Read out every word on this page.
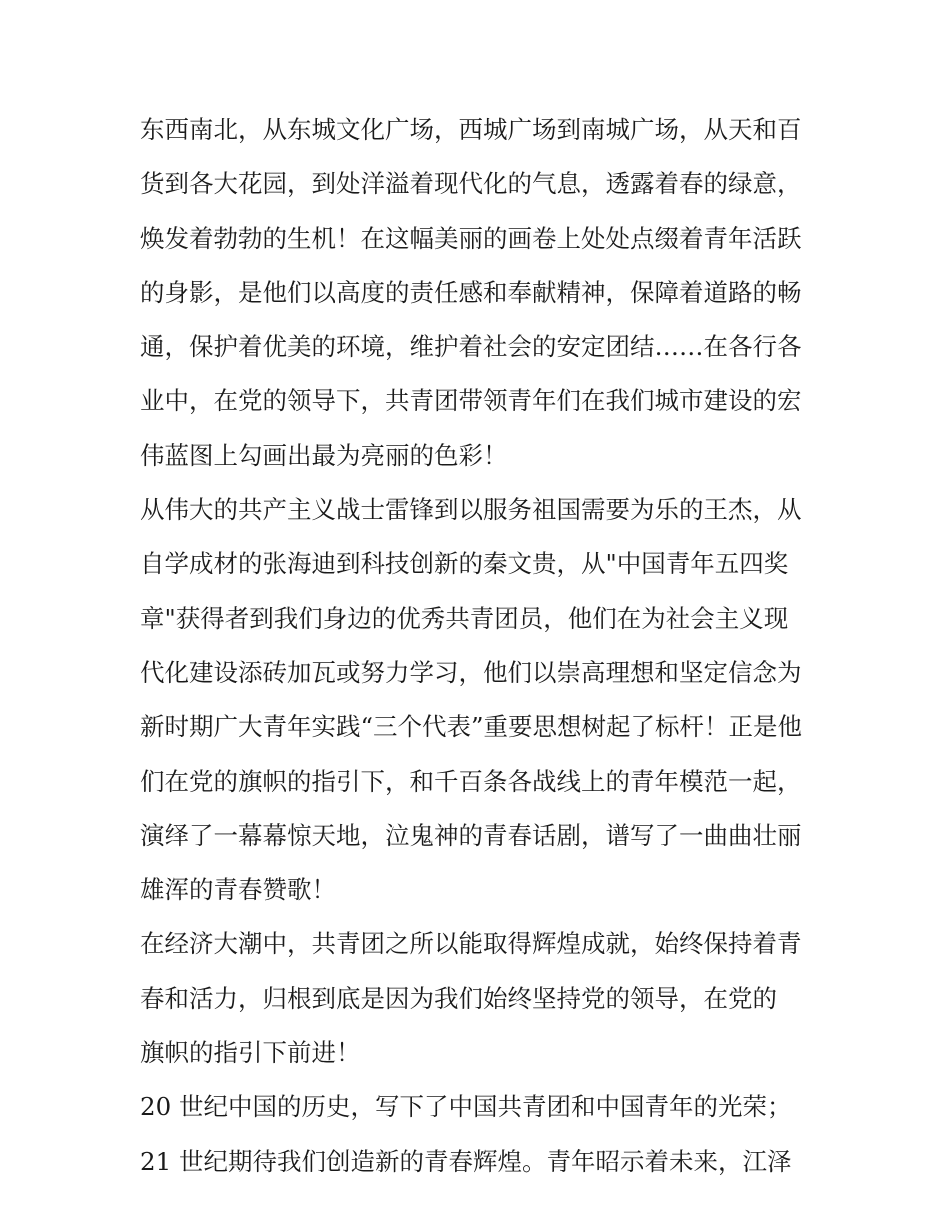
东西南北，从东城文化广场，西城广场到南城广场，从天和百
货到各大花园，到处洋溢着现代化的气息，透露着春的绿意，
焕发着勃勃的生机！在这幅美丽的画卷上处处点缀着青年活跃
的身影，是他们以高度的责任感和奉献精神，保障着道路的畅
通，保护着优美的环境，维护着社会的安定团结……在各行各
业中，在党的领导下，共青团带领青年们在我们城市建设的宏
伟蓝图上勾画出最为亮丽的色彩！
从伟大的共产主义战士雷锋到以服务祖国需要为乐的王杰，从
自学成材的张海迪到科技创新的秦文贵，从"中国青年五四奖
章"获得者到我们身边的优秀共青团员，他们在为社会主义现
代化建设添砖加瓦或努力学习，他们以崇高理想和坚定信念为
新时期广大青年实践“三个代表”重要思想树起了标杆！正是他
们在党的旗帜的指引下，和千百条各战线上的青年模范一起，
演绎了一幕幕惊天地，泣鬼神的青春话剧，谱写了一曲曲壮丽
雄浑的青春赞歌！
在经济大潮中，共青团之所以能取得辉煌成就，始终保持着青
春和活力，归根到底是因为我们始终坚持党的领导，在党的
旗帜的指引下前进！
20 世纪中国的历史，写下了中国共青团和中国青年的光荣；
21 世纪期待我们创造新的青春辉煌。青年昭示着未来，江泽
